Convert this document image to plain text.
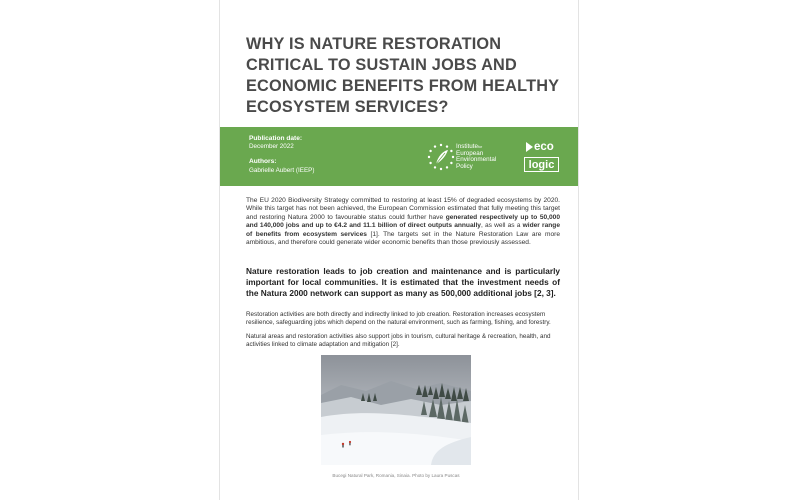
WHY IS NATURE RESTORATION CRITICAL TO SUSTAIN JOBS AND ECONOMIC BENEFITS FROM HEALTHY ECOSYSTEM SERVICES?
Publication date:
December 2022
Authors:
Gabrielle Aubert (IEEP)
Institutefor
European
Environmental
Policy
eco
logic

The EU 2020 Biodiversity Strategy committed to restoring at least 15% of degraded ecosystems by 2020. While this target has not been achieved, the European Commission estimated that fully meeting this target and restoring Natura 2000 to favourable status could further have generated respectively up to 50,000 and 140,000 jobs and up to €4.2 and 11.1 billion of direct outputs annually, as well as a wider range of benefits from ecosystem services [1]. The targets set in the Nature Restoration Law are more ambitious, and therefore could generate wider economic benefits than those previously assessed.

Nature restoration leads to job creation and maintenance and is particularly important for local communities. It is estimated that the investment needs of the Natura 2000 network can support as many as 500,000 additional jobs [2, 3].

Restoration activities are both directly and indirectly linked to job creation. Restoration increases ecosystem resilience, safeguarding jobs which depend on the natural environment, such as farming, fishing, and forestry.

Natural areas and restoration activities also support jobs in tourism, cultural heritage & recreation, health, and activities linked to climate adaptation and mitigation [2].

Bucegi Natural Park, Romania, Sinaia. Photo by Laura Puscas
